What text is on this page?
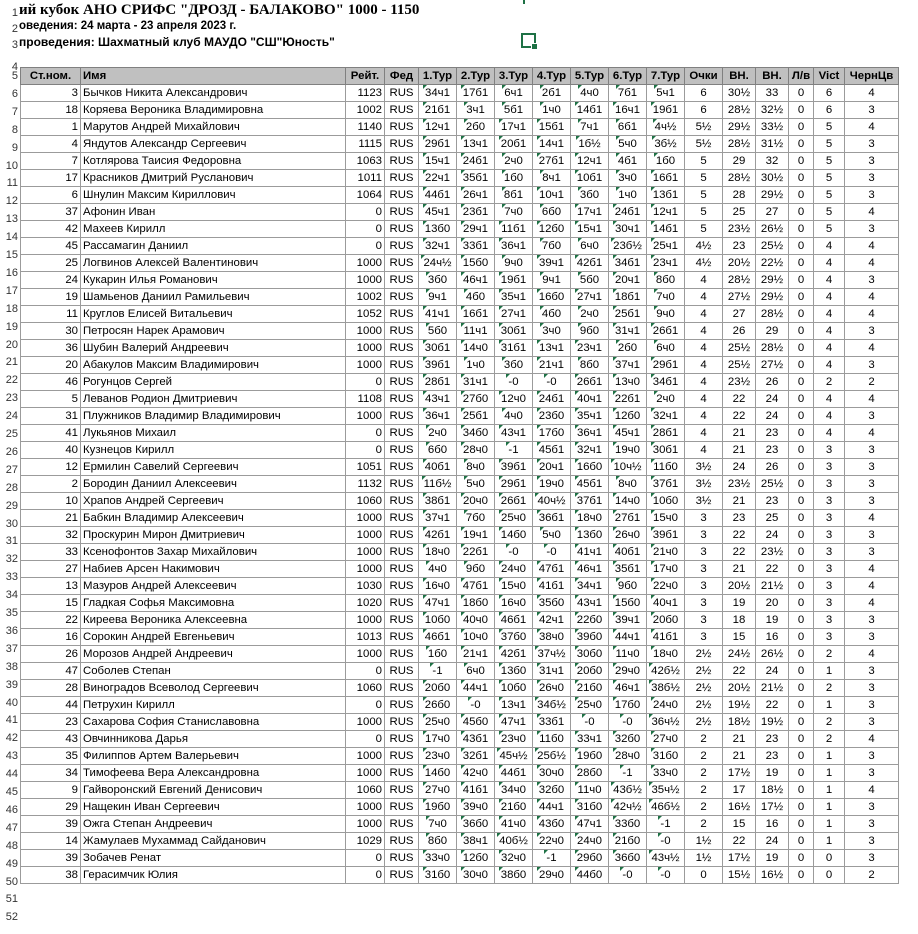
1
2
3
4
5
6
7
8
9
10
11
12
13
14
15
16
17
18
19
20
21
22
23
24
25
26
27
28
29
30
31
32
33
34
35
36
37
38
39
40
41
42
43
44
45
46
47
48
49
50
51
52
ий кубок АНО СРИФС "ДРОЗД - БАЛАКОВО" 1000 - 1150
оведения: 24 марта - 23 апреля 2023 г.
проведения: Шахматный клуб МАУДО "СШ"Юность"
Ст.ном.	Имя	Рейт.	Фед	1.Тур	2.Тур	3.Тур	4.Тур	5.Тур	6.Тур	7.Тур	Очки	ВН.	ВН.	Л/в	Vict	ЧернЦв
3	Бычков Никита Александрович	1123	RUS	34ч1	17б1	6ч1	2б1	4ч0	7б1	5ч1	6	30½	33	0	6	4
18	Коряева Вероника Владимировна	1002	RUS	21б1	3ч1	5б1	1ч0	14б1	16ч1	19б1	6	28½	32½	0	6	3
1	Марутов Андрей Михайлович	1140	RUS	12ч1	2б0	17ч1	15б1	7ч1	6б1	4ч½	5½	29½	33½	0	5	4
4	Яндутов Александр Сергеевич	1115	RUS	29б1	13ч1	20б1	14ч1	1б½	5ч0	3б½	5½	28½	31½	0	5	3
7	Котлярова Таисия Федоровна	1063	RUS	15ч1	24б1	2ч0	27б1	12ч1	4б1	1б0	5	29	32	0	5	3
17	Красников Дмитрий Русланович	1011	RUS	22ч1	35б1	1б0	8ч1	10б1	3ч0	16б1	5	28½	30½	0	5	3
6	Шнулин Максим Кириллович	1064	RUS	44б1	26ч1	8б1	10ч1	3б0	1ч0	13б1	5	28	29½	0	5	3
37	Афонин Иван	0	RUS	45ч1	23б1	7ч0	6б0	17ч1	24б1	12ч1	5	25	27	0	5	4
42	Махеев Кирилл	0	RUS	13б0	29ч1	11б1	12б0	15ч1	30ч1	14б1	5	23½	26½	0	5	3
45	Рассамагин Даниил	0	RUS	32ч1	33б1	36ч1	7б0	6ч0	23б½	25ч1	4½	23	25½	0	4	4
25	Логвинов Алексей Валентинович	1000	RUS	24ч½	15б0	9ч0	39ч1	42б1	34б1	23ч1	4½	20½	22½	0	4	4
24	Кукарин Илья Романович	1000	RUS	3б0	46ч1	19б1	9ч1	5б0	20ч1	8б0	4	28½	29½	0	4	3
19	Шамьенов Даниил Рамильевич	1002	RUS	9ч1	4б0	35ч1	16б0	27ч1	18б1	7ч0	4	27½	29½	0	4	4
11	Круглов Елисей Витальевич	1052	RUS	41ч1	16б1	27ч1	4б0	2ч0	25б1	9ч0	4	27	28½	0	4	4
30	Петросян Нарек Арамович	1000	RUS	5б0	11ч1	30б1	3ч0	9б0	31ч1	26б1	4	26	29	0	4	3
36	Шубин Валерий Андреевич	1000	RUS	30б1	14ч0	31б1	13ч1	23ч1	2б0	6ч0	4	25½	28½	0	4	4
20	Абакулов Максим Владимирович	1000	RUS	39б1	1ч0	3б0	21ч1	8б0	37ч1	29б1	4	25½	27½	0	4	3
46	Рогунцов Сергей	0	RUS	28б1	31ч1	-0	-0	26б1	13ч0	34б1	4	23½	26	0	2	2
5	Леванов Родион Дмитриевич	1108	RUS	43ч1	27б0	12ч0	24б1	40ч1	22б1	2ч0	4	22	24	0	4	4
31	Плужников Владимир Владимирович	1000	RUS	36ч1	25б1	4ч0	23б0	35ч1	12б0	32ч1	4	22	24	0	4	3
41	Лукьянов Михаил	0	RUS	2ч0	34б0	43ч1	17б0	36ч1	45ч1	28б1	4	21	23	0	4	4
40	Кузнецов Кирилл	0	RUS	6б0	28ч0	-1	45б1	32ч1	19ч0	30б1	4	21	23	0	3	3
12	Ермилин Савелий Сергеевич	1051	RUS	40б1	8ч0	39б1	20ч1	16б0	10ч½	11б0	3½	24	26	0	3	3
2	Бородин Даниил Алексеевич	1132	RUS	11б½	5ч0	29б1	19ч0	45б1	8ч0	37б1	3½	23½	25½	0	3	3
10	Храпов Андрей Сергеевич	1060	RUS	38б1	20ч0	26б1	40ч½	37б1	14ч0	10б0	3½	21	23	0	3	3
21	Бабкин Владимир Алексеевич	1000	RUS	37ч1	7б0	25ч0	36б1	18ч0	27б1	15ч0	3	23	25	0	3	4
32	Проскурин Мирон Дмитриевич	1000	RUS	42б1	19ч1	14б0	5ч0	13б0	26ч0	39б1	3	22	24	0	3	3
33	Ксенофонтов Захар Михайлович	1000	RUS	18ч0	22б1	-0	-0	41ч1	40б1	21ч0	3	22	23½	0	3	3
27	Набиев Арсен Накимович	1000	RUS	4ч0	9б0	24ч0	47б1	46ч1	35б1	17ч0	3	21	22	0	3	4
13	Мазуров Андрей Алексеевич	1030	RUS	16ч0	47б1	15ч0	41б1	34ч1	9б0	22ч0	3	20½	21½	0	3	4
15	Гладкая Софья Максимовна	1020	RUS	47ч1	18б0	16ч0	35б0	43ч1	15б0	40ч1	3	19	20	0	3	4
22	Киреева Вероника Алексеевна	1000	RUS	10б0	40ч0	46б1	42ч1	22б0	39ч1	20б0	3	18	19	0	3	3
16	Сорокин Андрей Евгеньевич	1013	RUS	46б1	10ч0	37б0	38ч0	39б0	44ч1	41б1	3	15	16	0	3	3
26	Морозов Андрей Андреевич	1000	RUS	1б0	21ч1	42б1	37ч½	30б0	11ч0	18ч0	2½	24½	26½	0	2	4
47	Соболев Степан	0	RUS	-1	6ч0	13б0	31ч1	20б0	29ч0	42б½	2½	22	24	0	1	3
28	Виноградов Всеволод Сергеевич	1060	RUS	20б0	44ч1	10б0	26ч0	21б0	46ч1	38б½	2½	20½	21½	0	2	3
44	Петрухин Кирилл	0	RUS	26б0	-0	13ч1	34б½	25ч0	17б0	24ч0	2½	19½	22	0	1	3
23	Сахарова София Станиславовна	1000	RUS	25ч0	45б0	47ч1	33б1	-0	-0	36ч½	2½	18½	19½	0	2	3
43	Овчинникова Дарья	0	RUS	17ч0	43б1	23ч0	11б0	33ч1	32б0	27ч0	2	21	23	0	2	4
35	Филиппов Артем Валерьевич	1000	RUS	23ч0	32б1	45ч½	25б½	19б0	28ч0	31б0	2	21	23	0	1	3
34	Тимофеева Вера Александровна	1000	RUS	14б0	42ч0	44б1	30ч0	28б0	-1	33ч0	2	17½	19	0	1	3
9	Гайворонский Евгений Денисович	1060	RUS	27ч0	41б1	34ч0	32б0	11ч0	43б½	35ч½	2	17	18½	0	1	4
29	Нащекин Иван Сергеевич	1000	RUS	19б0	39ч0	21б0	44ч1	31б0	42ч½	46б½	2	16½	17½	0	1	3
39	Ожга Степан Андреевич	1000	RUS	7ч0	36б0	41ч0	43б0	47ч1	33б0	-1	2	15	16	0	1	3
14	Жамулаев Мухаммад Сайданович	1029	RUS	8б0	38ч1	40б½	22ч0	24ч0	21б0	-0	1½	22	24	0	1	3
39	Зобачев Ренат	0	RUS	33ч0	12б0	32ч0	-1	29б0	36б0	43ч½	1½	17½	19	0	0	3
38	Герасимчик Юлия	0	RUS	31б0	30ч0	38б0	29ч0	44б0	-0	-0	0	15½	16½	0	0	2
